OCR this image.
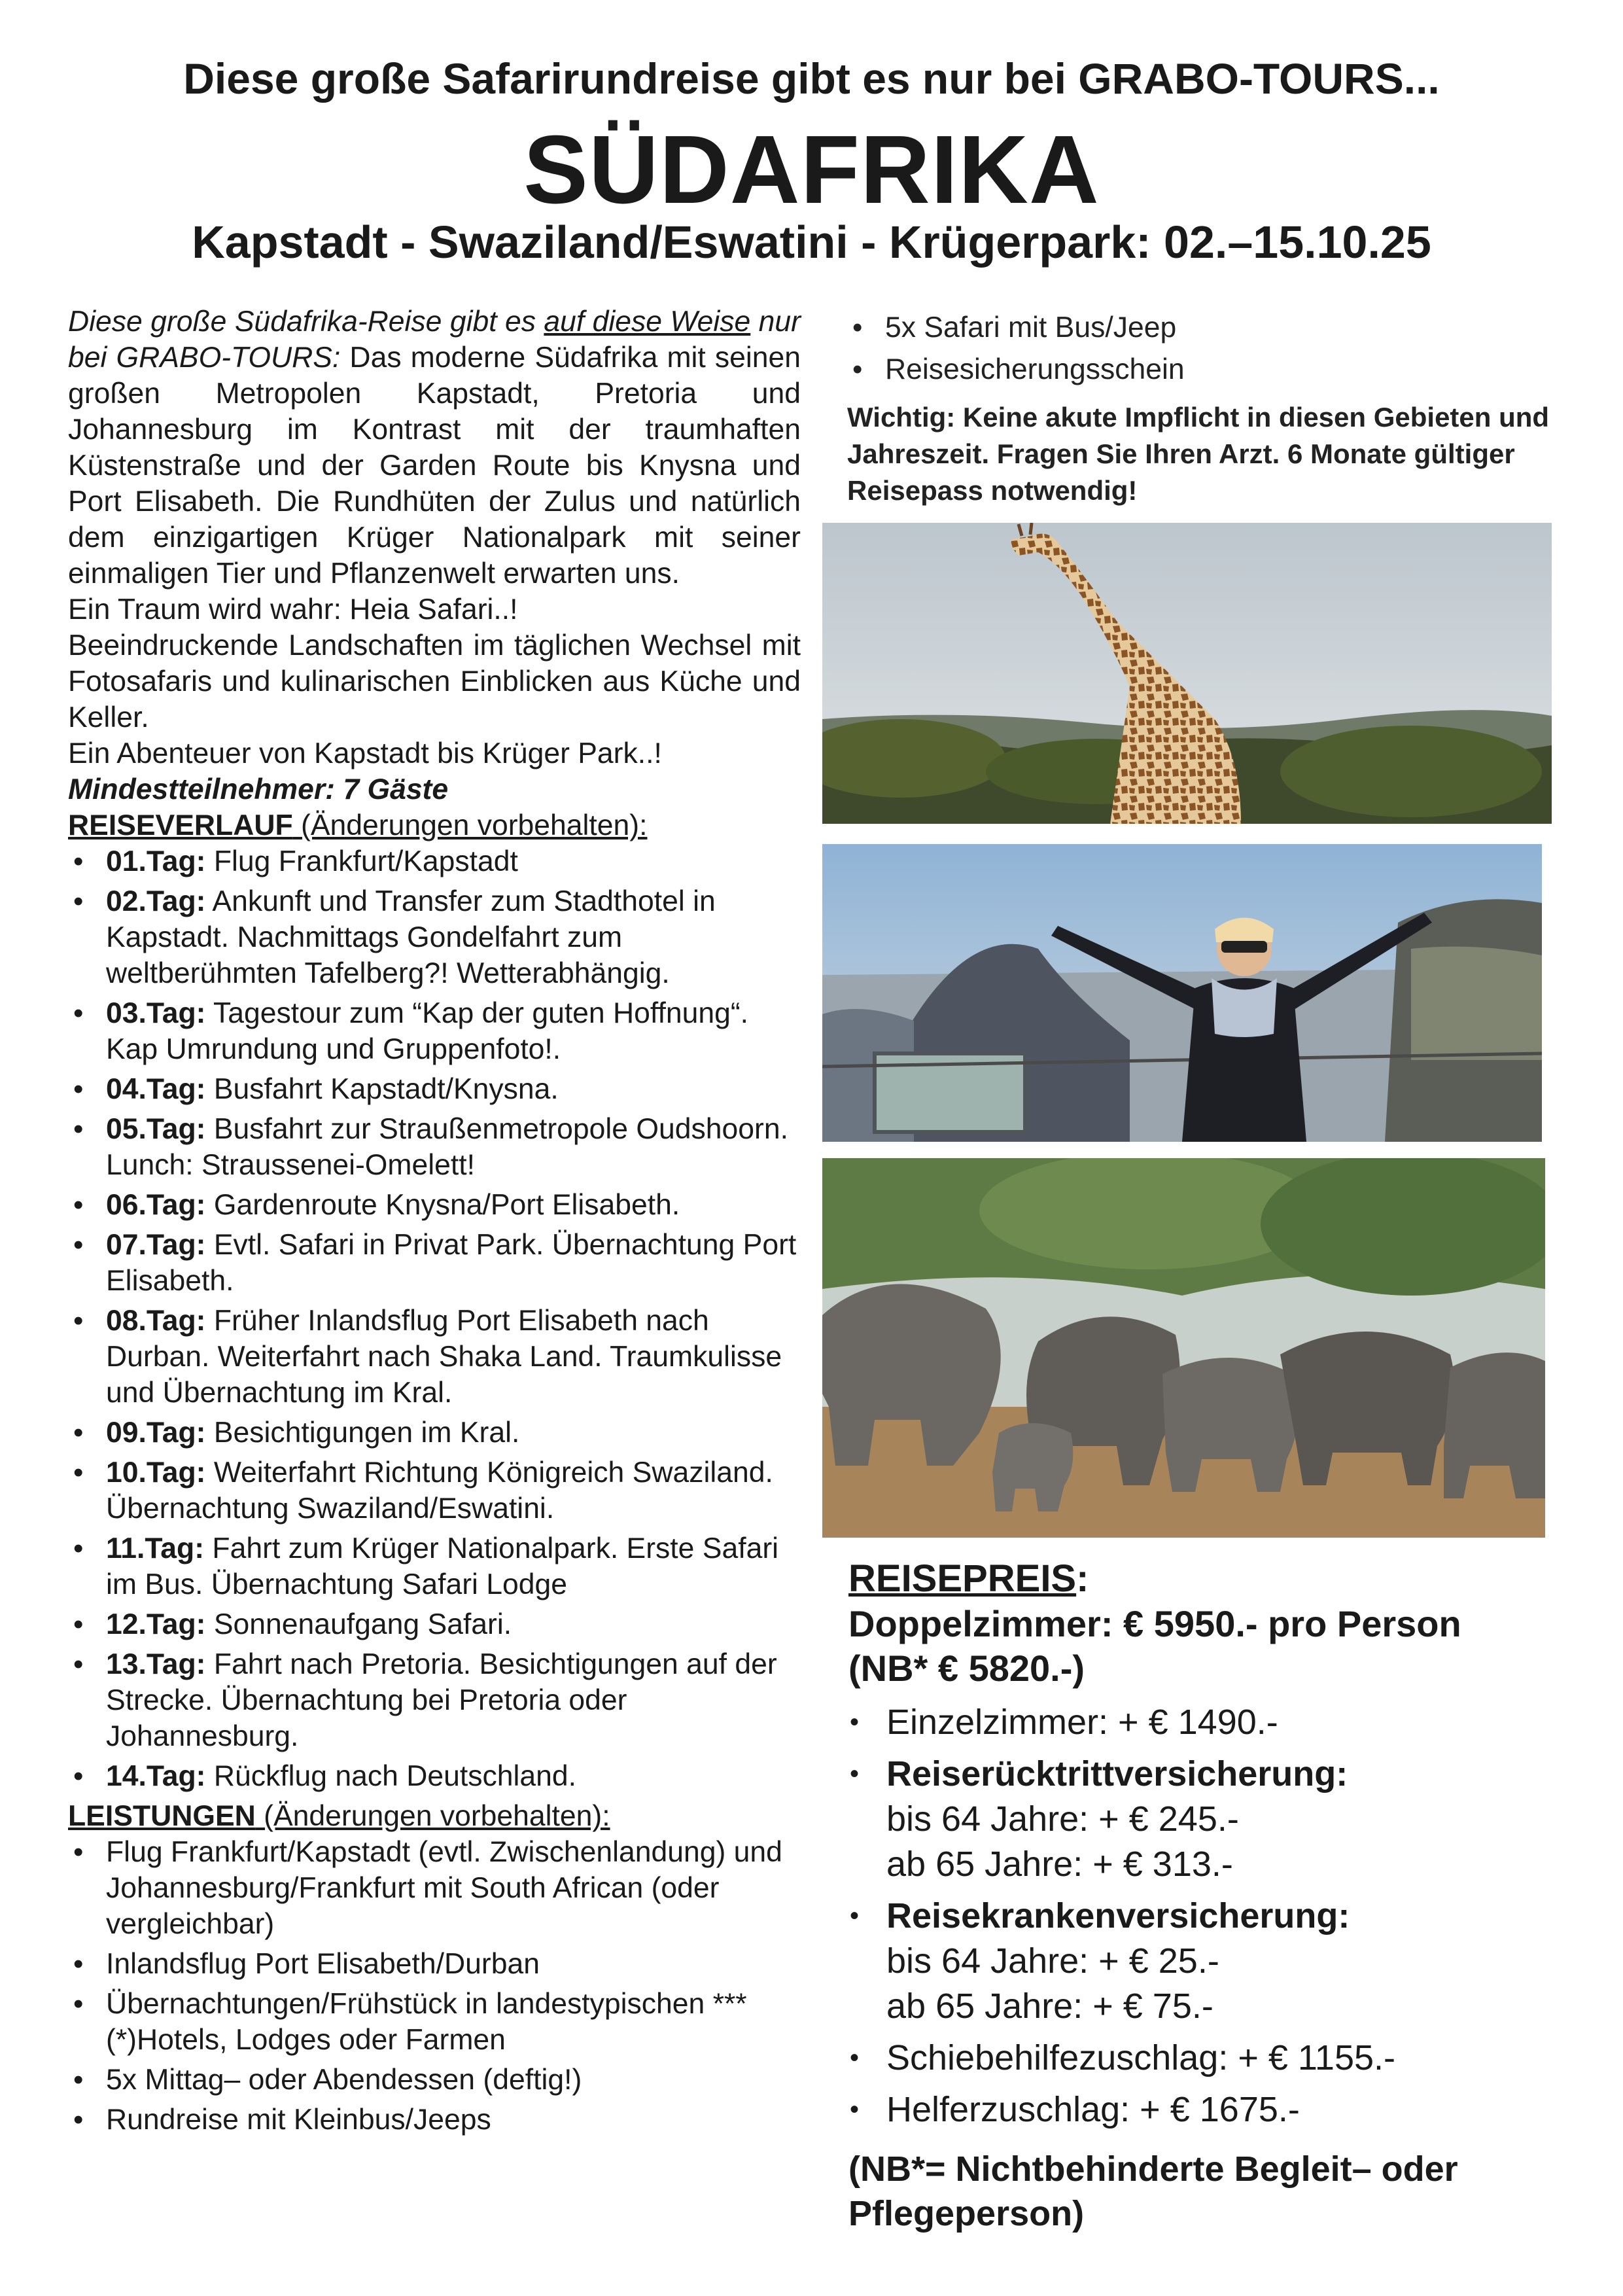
Diese große Safarirundreise gibt es nur bei GRABO-TOURS...
SÜDAFRIKA
Kapstadt - Swaziland/Eswatini - Krügerpark: 02.–15.10.25

Diese große Südafrika-Reise gibt es auf diese Weise nur bei GRABO-TOURS: Das moderne Südafrika mit seinen großen Metropolen Kapstadt, Pretoria und Johannesburg im Kontrast mit der traumhaften Küstenstraße und der Garden Route bis Knysna und Port Elisabeth. Die Rundhüten der Zulus und natürlich dem einzigartigen Krüger Nationalpark mit seiner einmaligen Tier und Pflanzenwelt erwarten uns.

Ein Traum wird wahr: Heia Safari..!

Beeindruckende Landschaften im täglichen Wechsel mit Fotosafaris und kulinarischen Einblicken aus Küche und Keller.

Ein Abenteuer von Kapstadt bis Krüger Park..!

Mindestteilnehmer: 7 Gäste

REISEVERLAUF (Änderungen vorbehalten):

• 01.Tag: Flug Frankfurt/Kapstadt
• 02.Tag: Ankunft und Transfer zum Stadthotel in Kapstadt. Nachmittags Gondelfahrt zum weltberühmten Tafelberg?! Wetterabhängig.
• 03.Tag: Tagestour zum “Kap der guten Hoffnung“. Kap Umrundung und Gruppenfoto!.
• 04.Tag: Busfahrt Kapstadt/Knysna.
• 05.Tag: Busfahrt zur Straußenmetropole Oudshoorn. Lunch: Straussenei-Omelett!
• 06.Tag: Gardenroute Knysna/Port Elisabeth.
• 07.Tag: Evtl. Safari in Privat Park. Übernachtung Port Elisabeth.
• 08.Tag: Früher Inlandsflug Port Elisabeth nach Durban. Weiterfahrt nach Shaka Land. Traumkulisse und Übernachtung im Kral.
• 09.Tag: Besichtigungen im Kral.
• 10.Tag: Weiterfahrt Richtung Königreich Swaziland. Übernachtung Swaziland/Eswatini.
• 11.Tag: Fahrt zum Krüger Nationalpark. Erste Safari im Bus. Übernachtung Safari Lodge
• 12.Tag: Sonnenaufgang Safari.
• 13.Tag: Fahrt nach Pretoria. Besichtigungen auf der Strecke. Übernachtung bei Pretoria oder Johannesburg.
• 14.Tag: Rückflug nach Deutschland.

LEISTUNGEN (Änderungen vorbehalten):

• Flug Frankfurt/Kapstadt (evtl. Zwischenlandung) und Johannesburg/Frankfurt mit South African (oder vergleichbar)
• Inlandsflug Port Elisabeth/Durban
• Übernachtungen/Frühstück in landestypischen ***(*)Hotels, Lodges oder Farmen
• 5x Mittag– oder Abendessen (deftig!)
• Rundreise mit Kleinbus/Jeeps
• 5x Safari mit Bus/Jeep
• Reisesicherungsschein
Wichtig: Keine akute Impflicht in diesen Gebieten und Jahreszeit. Fragen Sie Ihren Arzt. 6 Monate gültiger Reisepass notwendig!
REISEPREIS:
Doppelzimmer: € 5950.- pro Person
(NB* € 5820.-)
• Einzelzimmer: + € 1490.-
• Reiserücktrittversicherung:
bis 64 Jahre: + € 245.-
ab 65 Jahre: + € 313.-
• Reisekrankenversicherung:
bis 64 Jahre: + € 25.-
ab 65 Jahre: + € 75.-
• Schiebehilfezuschlag: + € 1155.-
• Helferzuschlag: + € 1675.-
(NB*= Nichtbehinderte Begleit– oder Pflegeperson)
